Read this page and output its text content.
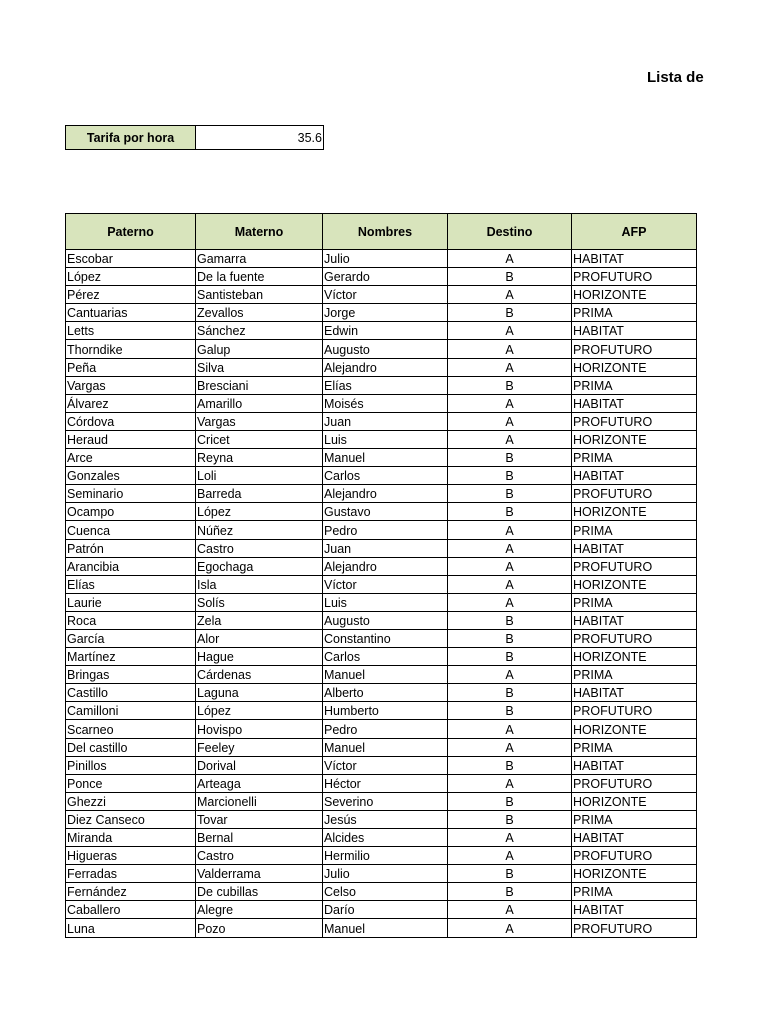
Lista de
Tarifa por hora	35.6
Paterno	Materno	Nombres	Destino	AFP
Escobar	Gamarra	Julio	A	HABITAT
López	De la fuente	Gerardo	B	PROFUTURO
Pérez	Santisteban	Víctor	A	HORIZONTE
Cantuarias	Zevallos	Jorge	B	PRIMA
Letts	Sánchez	Edwin	A	HABITAT
Thorndike	Galup	Augusto	A	PROFUTURO
Peña	Silva	Alejandro	A	HORIZONTE
Vargas	Bresciani	Elías	B	PRIMA
Álvarez	Amarillo	Moisés	A	HABITAT
Córdova	Vargas	Juan	A	PROFUTURO
Heraud	Cricet	Luis	A	HORIZONTE
Arce	Reyna	Manuel	B	PRIMA
Gonzales	Loli	Carlos	B	HABITAT
Seminario	Barreda	Alejandro	B	PROFUTURO
Ocampo	López	Gustavo	B	HORIZONTE
Cuenca	Núñez	Pedro	A	PRIMA
Patrón	Castro	Juan	A	HABITAT
Arancibia	Egochaga	Alejandro	A	PROFUTURO
Elías	Isla	Víctor	A	HORIZONTE
Laurie	Solís	Luis	A	PRIMA
Roca	Zela	Augusto	B	HABITAT
García	Alor	Constantino	B	PROFUTURO
Martínez	Hague	Carlos	B	HORIZONTE
Bringas	Cárdenas	Manuel	A	PRIMA
Castillo	Laguna	Alberto	B	HABITAT
Camilloni	López	Humberto	B	PROFUTURO
Scarneo	Hovispo	Pedro	A	HORIZONTE
Del castillo	Feeley	Manuel	A	PRIMA
Pinillos	Dorival	Víctor	B	HABITAT
Ponce	Arteaga	Héctor	A	PROFUTURO
Ghezzi	Marcionelli	Severino	B	HORIZONTE
Diez Canseco	Tovar	Jesús	B	PRIMA
Miranda	Bernal	Alcides	A	HABITAT
Higueras	Castro	Hermilio	A	PROFUTURO
Ferradas	Valderrama	Julio	B	HORIZONTE
Fernández	De cubillas	Celso	B	PRIMA
Caballero	Alegre	Darío	A	HABITAT
Luna	Pozo	Manuel	A	PROFUTURO
